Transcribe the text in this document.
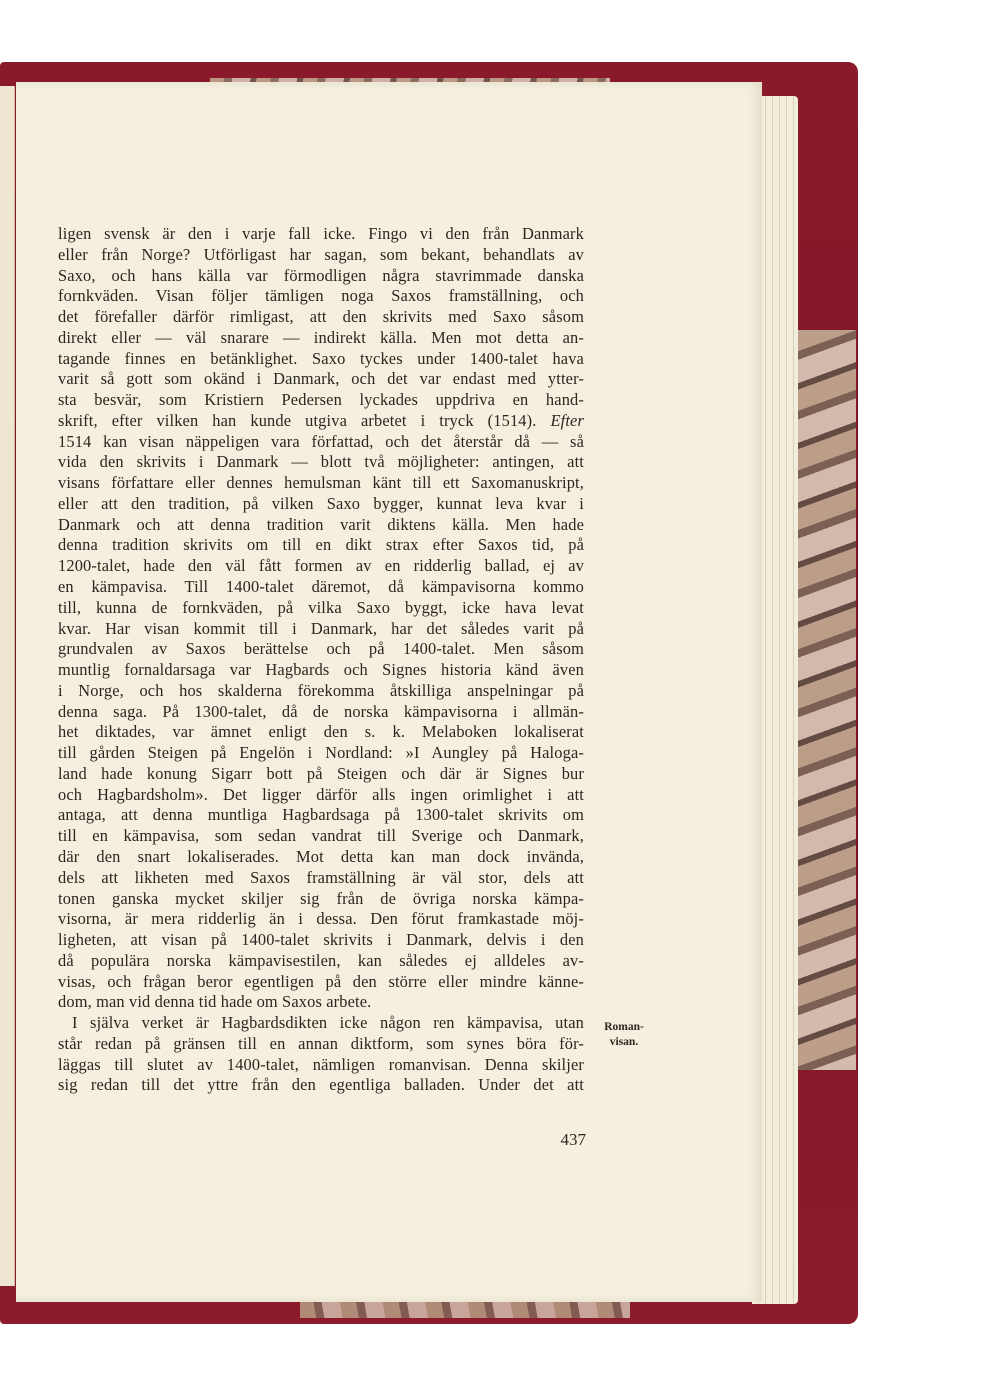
ligen svensk är den i varje fall icke. Fingo vi den från Danmark
eller från Norge? Utförligast har sagan, som bekant, behandlats av
Saxo, och hans källa var förmodligen några stavrimmade danska
fornkväden. Visan följer tämligen noga Saxos framställning, och
det förefaller därför rimligast, att den skrivits med Saxo såsom
direkt eller — väl snarare — indirekt källa. Men mot detta an-
tagande finnes en betänklighet. Saxo tyckes under 1400-talet hava
varit så gott som okänd i Danmark, och det var endast med ytter-
sta besvär, som Kristiern Pedersen lyckades uppdriva en hand-
skrift, efter vilken han kunde utgiva arbetet i tryck (1514). Efter
1514 kan visan näppeligen vara författad, och det återstår då — så
vida den skrivits i Danmark — blott två möjligheter: antingen, att
visans författare eller dennes hemulsman känt till ett Saxomanuskript,
eller att den tradition, på vilken Saxo bygger, kunnat leva kvar i
Danmark och att denna tradition varit diktens källa. Men hade
denna tradition skrivits om till en dikt strax efter Saxos tid, på
1200-talet, hade den väl fått formen av en ridderlig ballad, ej av
en kämpavisa. Till 1400-talet däremot, då kämpavisorna kommo
till, kunna de fornkväden, på vilka Saxo byggt, icke hava levat
kvar. Har visan kommit till i Danmark, har det således varit på
grundvalen av Saxos berättelse och på 1400-talet. Men såsom
muntlig fornaldarsaga var Hagbards och Signes historia känd även
i Norge, och hos skalderna förekomma åtskilliga anspelningar på
denna saga. På 1300-talet, då de norska kämpavisorna i allmän-
het diktades, var ämnet enligt den s. k. Melaboken lokaliserat
till gården Steigen på Engelön i Nordland: »I Aungley på Haloga-
land hade konung Sigarr bott på Steigen och där är Signes bur
och Hagbardsholm». Det ligger därför alls ingen orimlighet i att
antaga, att denna muntliga Hagbardsaga på 1300-talet skrivits om
till en kämpavisa, som sedan vandrat till Sverige och Danmark,
där den snart lokaliserades. Mot detta kan man dock invända,
dels att likheten med Saxos framställning är väl stor, dels att
tonen ganska mycket skiljer sig från de övriga norska kämpa-
visorna, är mera ridderlig än i dessa. Den förut framkastade möj-
ligheten, att visan på 1400-talet skrivits i Danmark, delvis i den
då populära norska kämpavisestilen, kan således ej alldeles av-
visas, och frågan beror egentligen på den större eller mindre känne-
dom, man vid denna tid hade om Saxos arbete.
I själva verket är Hagbardsdikten icke någon ren kämpavisa, utan
står redan på gränsen till en annan diktform, som synes böra för-
läggas till slutet av 1400-talet, nämligen romanvisan. Denna skiljer
sig redan till det yttre från den egentliga balladen. Under det att
Roman-
visan.
437
